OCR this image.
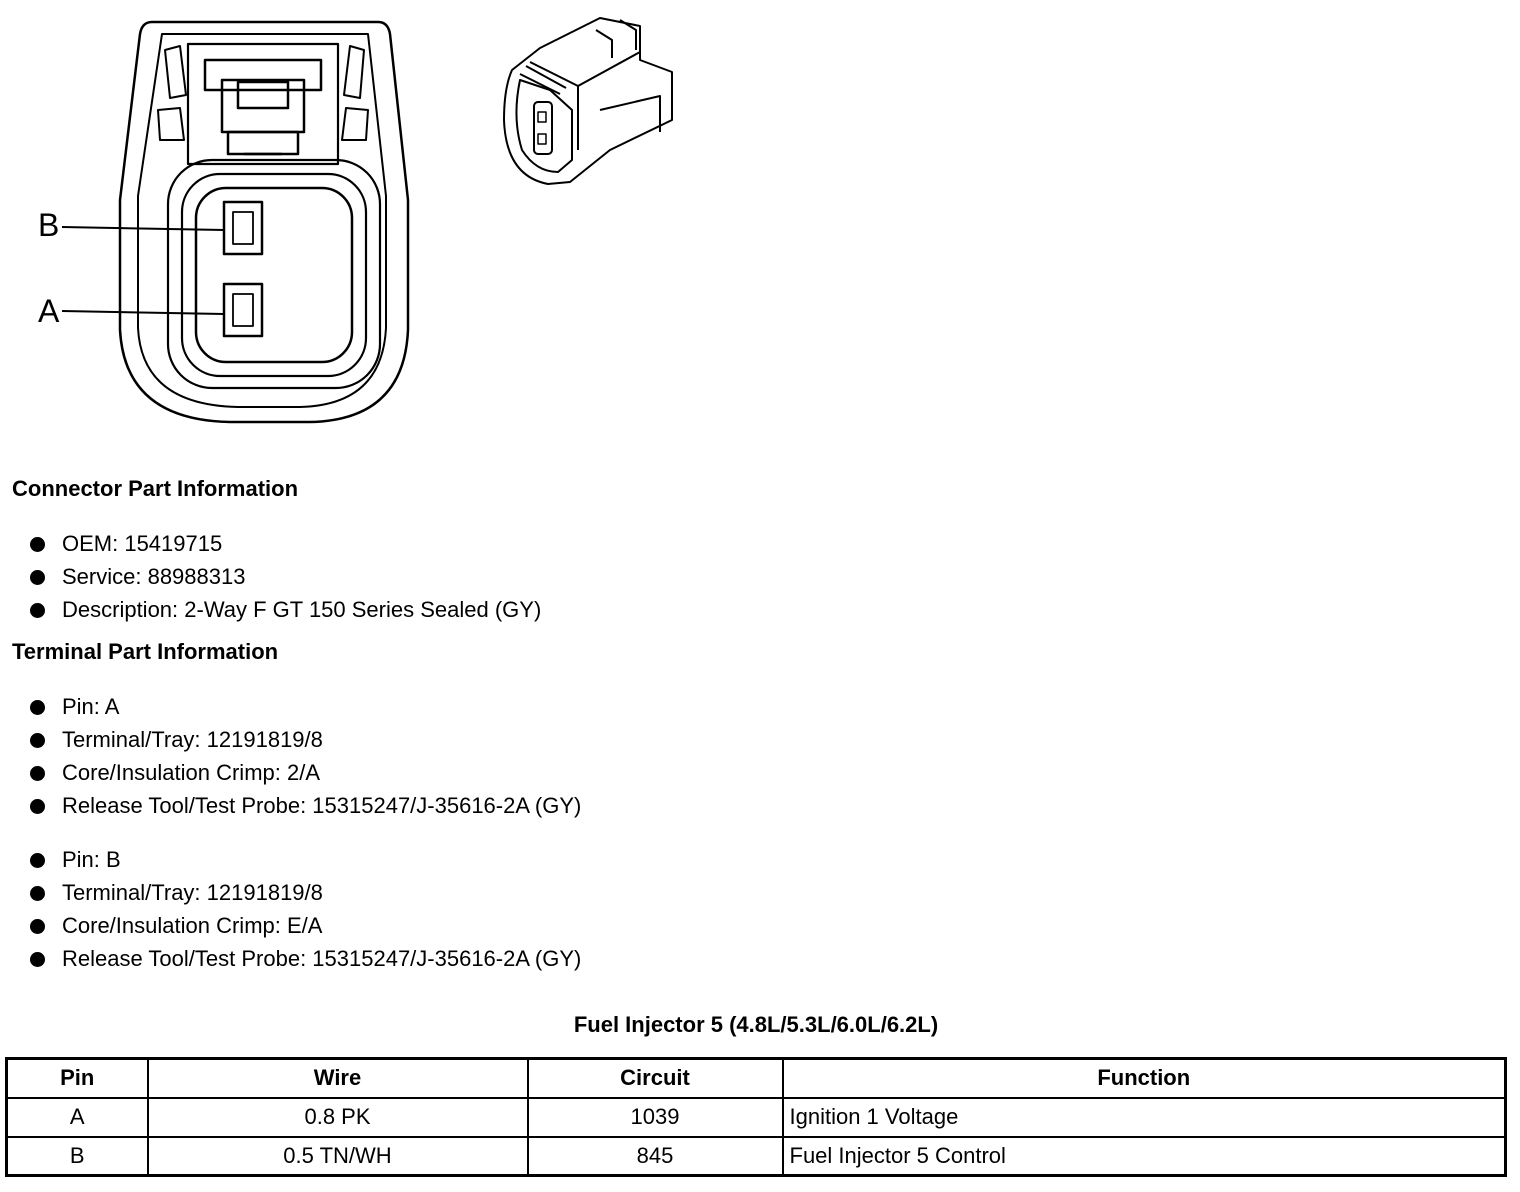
B
A
Connector Part Information
OEM: 15419715
Service: 88988313
Description: 2-Way F GT 150 Series Sealed (GY)
Terminal Part Information
Pin: A
Terminal/Tray: 12191819/8
Core/Insulation Crimp: 2/A
Release Tool/Test Probe: 15315247/J-35616-2A (GY)
Pin: B
Terminal/Tray: 12191819/8
Core/Insulation Crimp: E/A
Release Tool/Test Probe: 15315247/J-35616-2A (GY)
Fuel Injector 5 (4.8L/5.3L/6.0L/6.2L)
Pin	Wire	Circuit	Function
A	0.8 PK	1039	Ignition 1 Voltage
B	0.5 TN/WH	845	Fuel Injector 5 Control
